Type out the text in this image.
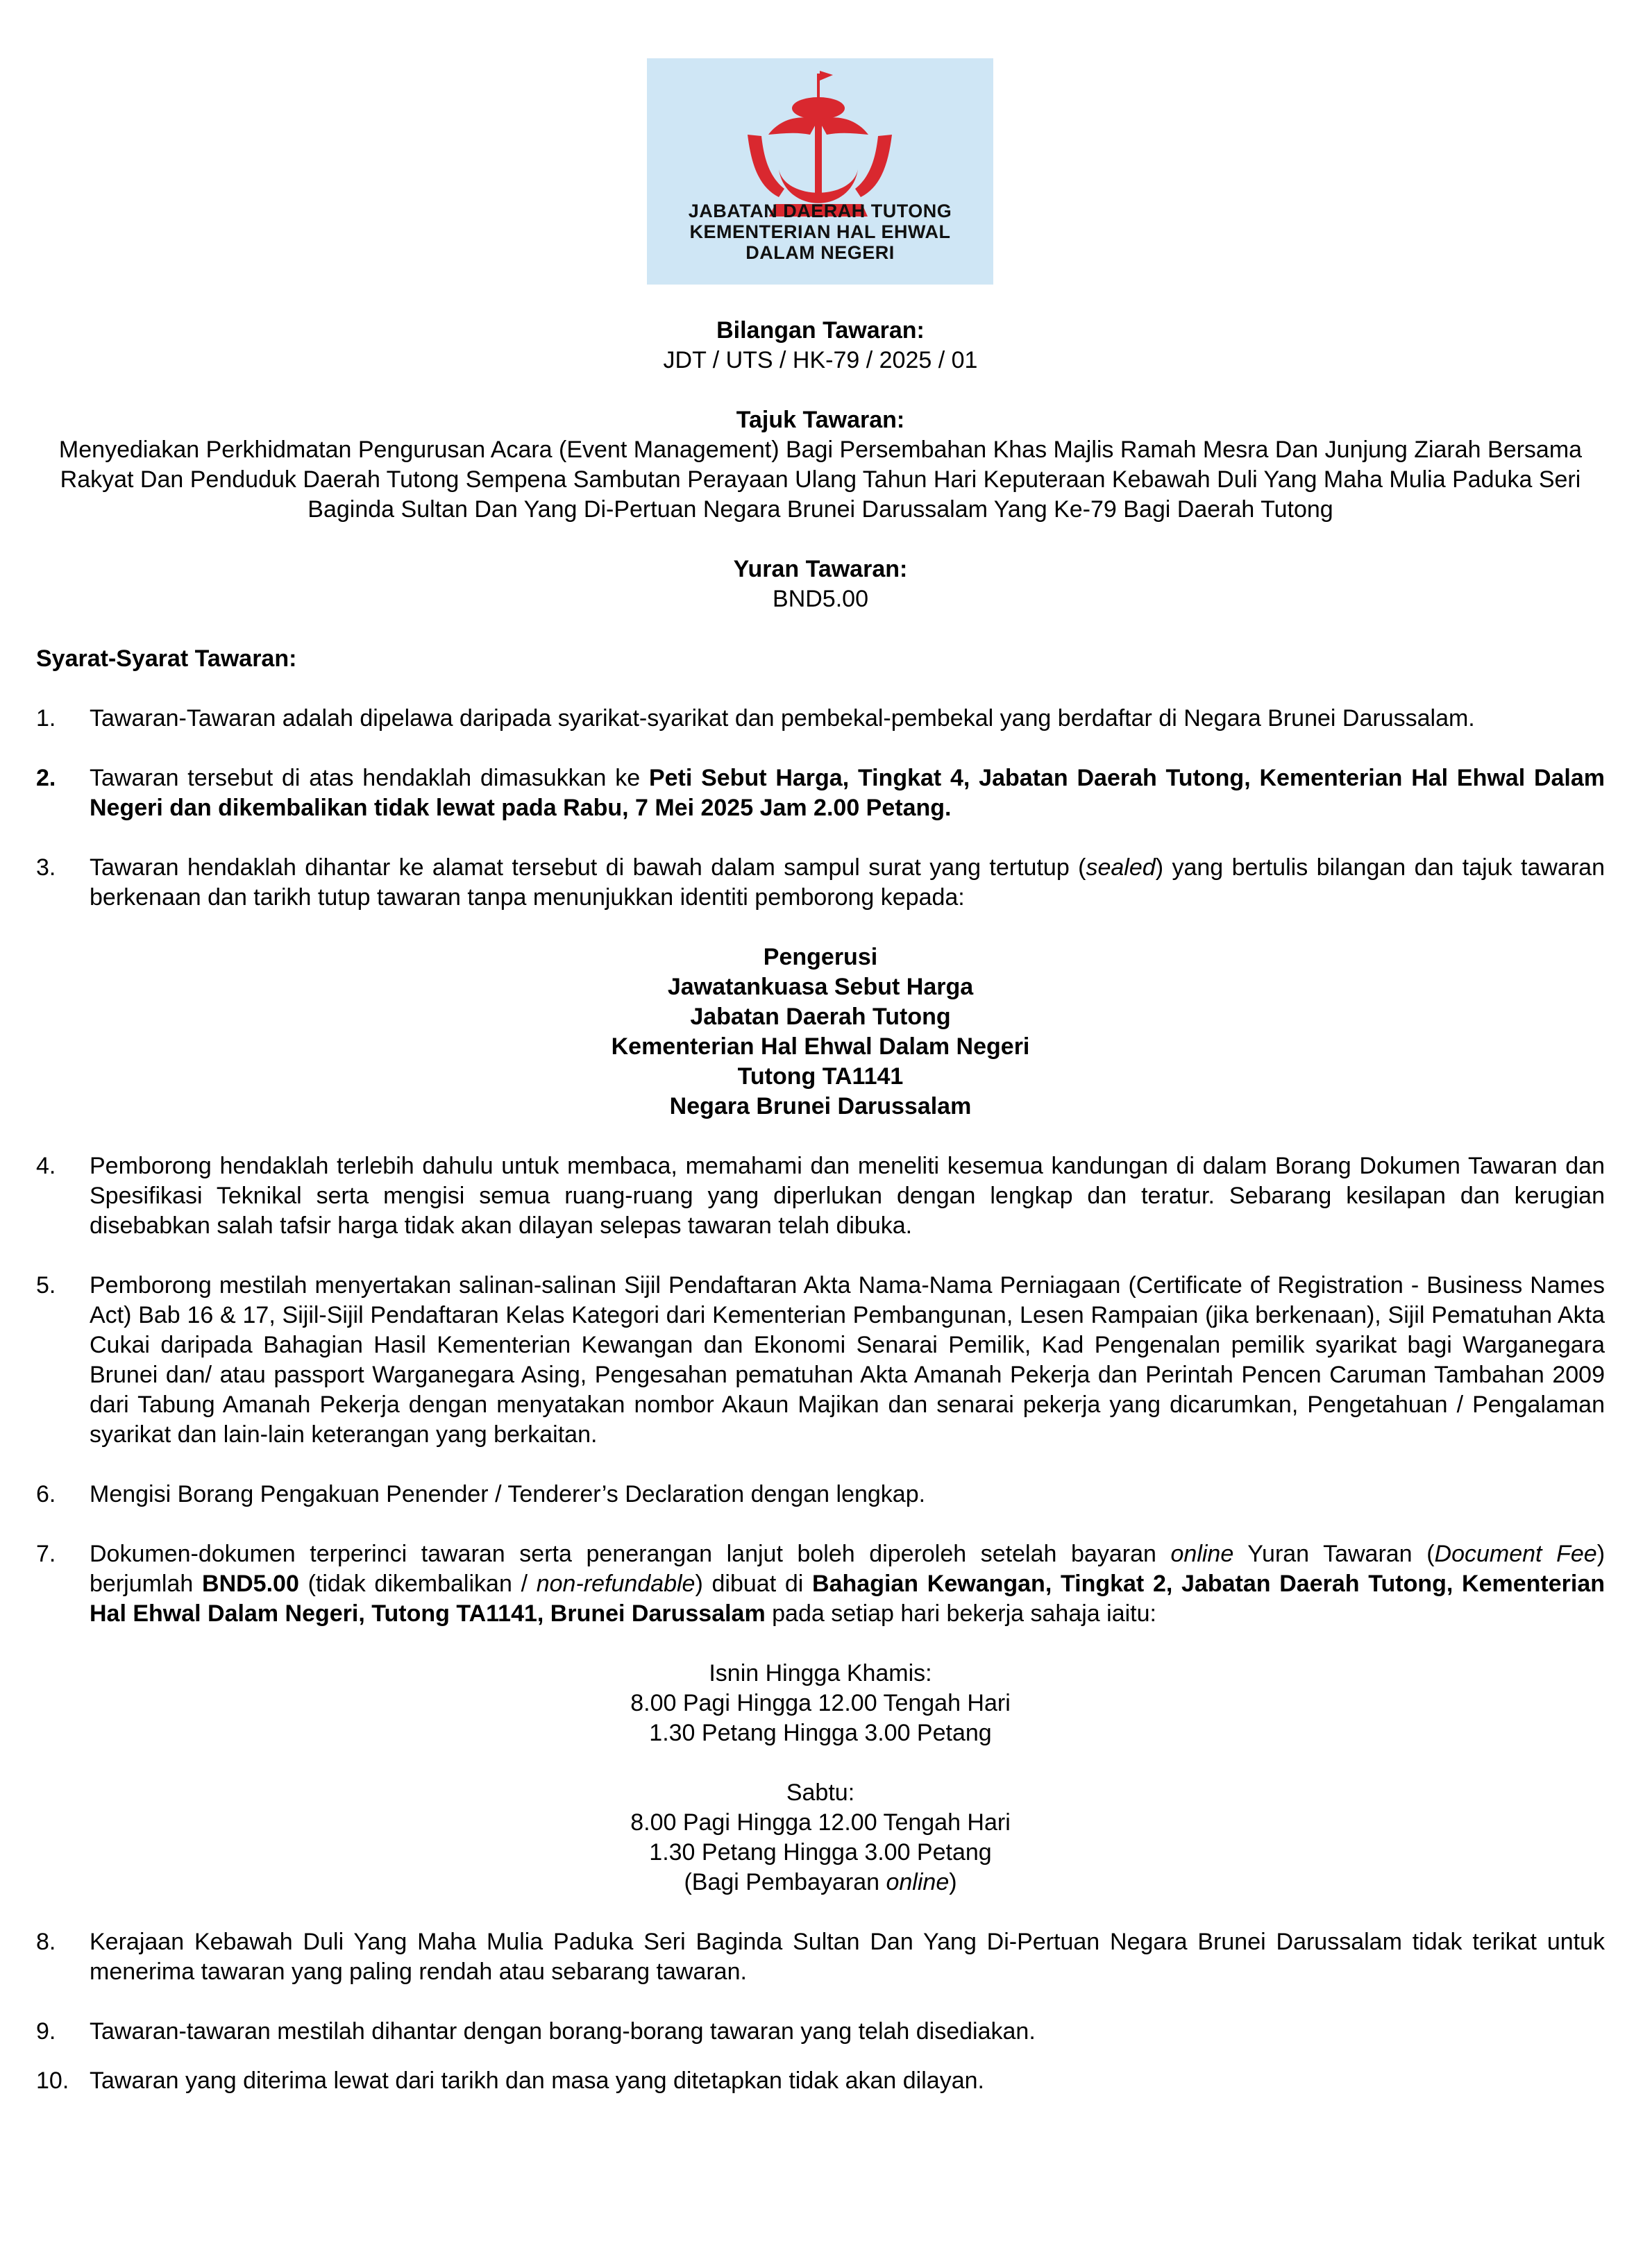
JABATAN DAERAH TUTONG
KEMENTERIAN HAL EHWAL
DALAM NEGERI

Bilangan Tawaran:

JDT / UTS / HK-79 / 2025 / 01

Tajuk Tawaran:

Menyediakan Perkhidmatan Pengurusan Acara (Event Management) Bagi Persembahan Khas Majlis Ramah Mesra Dan Junjung Ziarah Bersama Rakyat Dan Penduduk Daerah Tutong Sempena Sambutan Perayaan Ulang Tahun Hari Keputeraan Kebawah Duli Yang Maha Mulia Paduka Seri Baginda Sultan Dan Yang Di-Pertuan Negara Brunei Darussalam Yang Ke-79 Bagi Daerah Tutong

Yuran Tawaran:

BND5.00

Syarat-Syarat Tawaran:

1. Tawaran-Tawaran adalah dipelawa daripada syarikat-syarikat dan pembekal-pembekal yang berdaftar di Negara Brunei Darussalam.
2. Tawaran tersebut di atas hendaklah dimasukkan ke Peti Sebut Harga, Tingkat 4, Jabatan Daerah Tutong, Kementerian Hal Ehwal Dalam Negeri dan dikembalikan tidak lewat pada Rabu, 7 Mei 2025 Jam 2.00 Petang.
3. Tawaran hendaklah dihantar ke alamat tersebut di bawah dalam sampul surat yang tertutup (sealed) yang bertulis bilangan dan tajuk tawaran berkenaan dan tarikh tutup tawaran tanpa menunjukkan identiti pemborong kepada:

Pengerusi

Jawatankuasa Sebut Harga

Jabatan Daerah Tutong

Kementerian Hal Ehwal Dalam Negeri

Tutong TA1141

Negara Brunei Darussalam

4. Pemborong hendaklah terlebih dahulu untuk membaca, memahami dan meneliti kesemua kandungan di dalam Borang Dokumen Tawaran dan Spesifikasi Teknikal serta mengisi semua ruang-ruang yang diperlukan dengan lengkap dan teratur. Sebarang kesilapan dan kerugian disebabkan salah tafsir harga tidak akan dilayan selepas tawaran telah dibuka.
5. Pemborong mestilah menyertakan salinan-salinan Sijil Pendaftaran Akta Nama-Nama Perniagaan (Certificate of Registration - Business Names Act) Bab 16 & 17, Sijil-Sijil Pendaftaran Kelas Kategori dari Kementerian Pembangunan, Lesen Rampaian (jika berkenaan), Sijil Pematuhan Akta Cukai daripada Bahagian Hasil Kementerian Kewangan dan Ekonomi Senarai Pemilik, Kad Pengenalan pemilik syarikat bagi Warganegara Brunei dan/ atau passport Warganegara Asing, Pengesahan pematuhan Akta Amanah Pekerja dan Perintah Pencen Caruman Tambahan 2009 dari Tabung Amanah Pekerja dengan menyatakan nombor Akaun Majikan dan senarai pekerja yang dicarumkan, Pengetahuan / Pengalaman syarikat dan lain-lain keterangan yang berkaitan.
6. Mengisi Borang Pengakuan Penender / Tenderer’s Declaration dengan lengkap.
7. Dokumen-dokumen terperinci tawaran serta penerangan lanjut boleh diperoleh setelah bayaran online Yuran Tawaran (Document Fee) berjumlah BND5.00 (tidak dikembalikan / non-refundable) dibuat di Bahagian Kewangan, Tingkat 2, Jabatan Daerah Tutong, Kementerian Hal Ehwal Dalam Negeri, Tutong TA1141, Brunei Darussalam pada setiap hari bekerja sahaja iaitu:

Isnin Hingga Khamis:

8.00 Pagi Hingga 12.00 Tengah Hari

1.30 Petang Hingga 3.00 Petang

Sabtu:

8.00 Pagi Hingga 12.00 Tengah Hari

1.30 Petang Hingga 3.00 Petang

(Bagi Pembayaran online)

8. Kerajaan Kebawah Duli Yang Maha Mulia Paduka Seri Baginda Sultan Dan Yang Di-Pertuan Negara Brunei Darussalam tidak terikat untuk menerima tawaran yang paling rendah atau sebarang tawaran.
9. Tawaran-tawaran mestilah dihantar dengan borang-borang tawaran yang telah disediakan.
10. Tawaran yang diterima lewat dari tarikh dan masa yang ditetapkan tidak akan dilayan.
